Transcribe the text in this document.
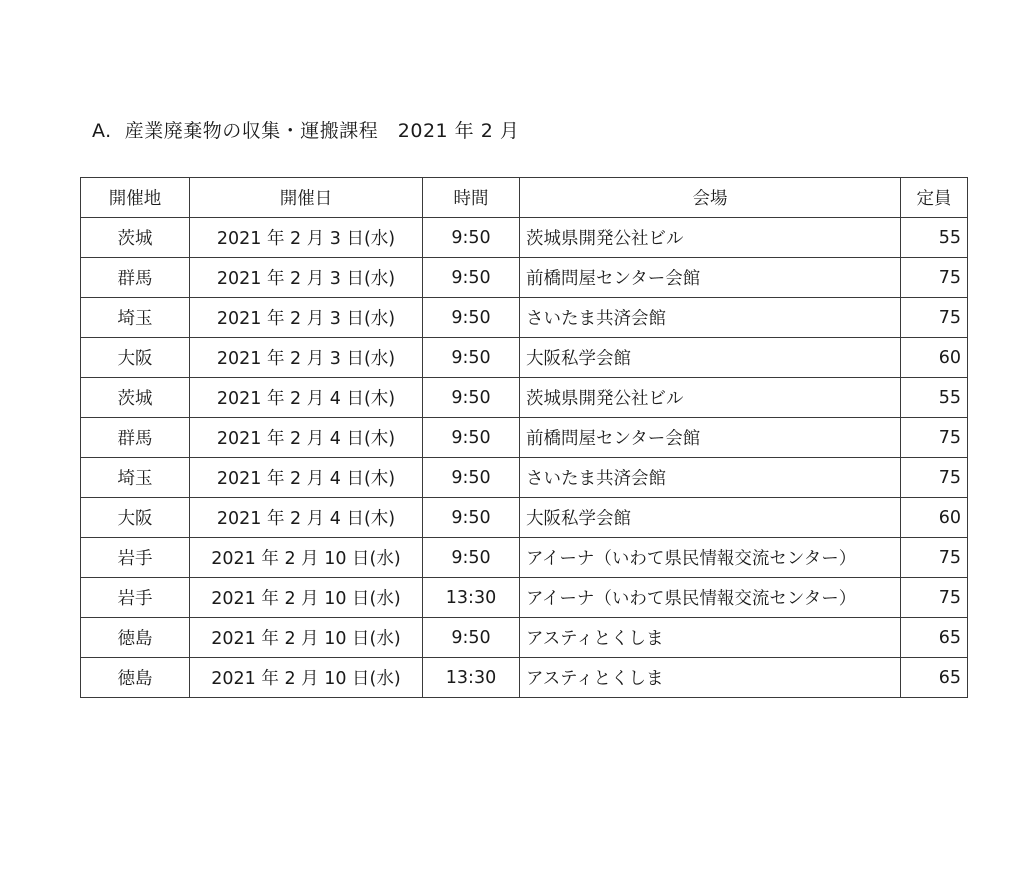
A.  産業廃棄物の収集・運搬課程　2021 年 2 月
開催地	開催日	時間	会場	定員
茨城	2021 年 2 月 3 日(水)	9:50	茨城県開発公社ビル	55
群馬	2021 年 2 月 3 日(水)	9:50	前橋問屋センター会館	75
埼玉	2021 年 2 月 3 日(水)	9:50	さいたま共済会館	75
大阪	2021 年 2 月 3 日(水)	9:50	大阪私学会館	60
茨城	2021 年 2 月 4 日(木)	9:50	茨城県開発公社ビル	55
群馬	2021 年 2 月 4 日(木)	9:50	前橋問屋センター会館	75
埼玉	2021 年 2 月 4 日(木)	9:50	さいたま共済会館	75
大阪	2021 年 2 月 4 日(木)	9:50	大阪私学会館	60
岩手	2021 年 2 月 10 日(水)	9:50	アイーナ（いわて県民情報交流センター）	75
岩手	2021 年 2 月 10 日(水)	13:30	アイーナ（いわて県民情報交流センター）	75
徳島	2021 年 2 月 10 日(水)	9:50	アスティとくしま	65
徳島	2021 年 2 月 10 日(水)	13:30	アスティとくしま	65
